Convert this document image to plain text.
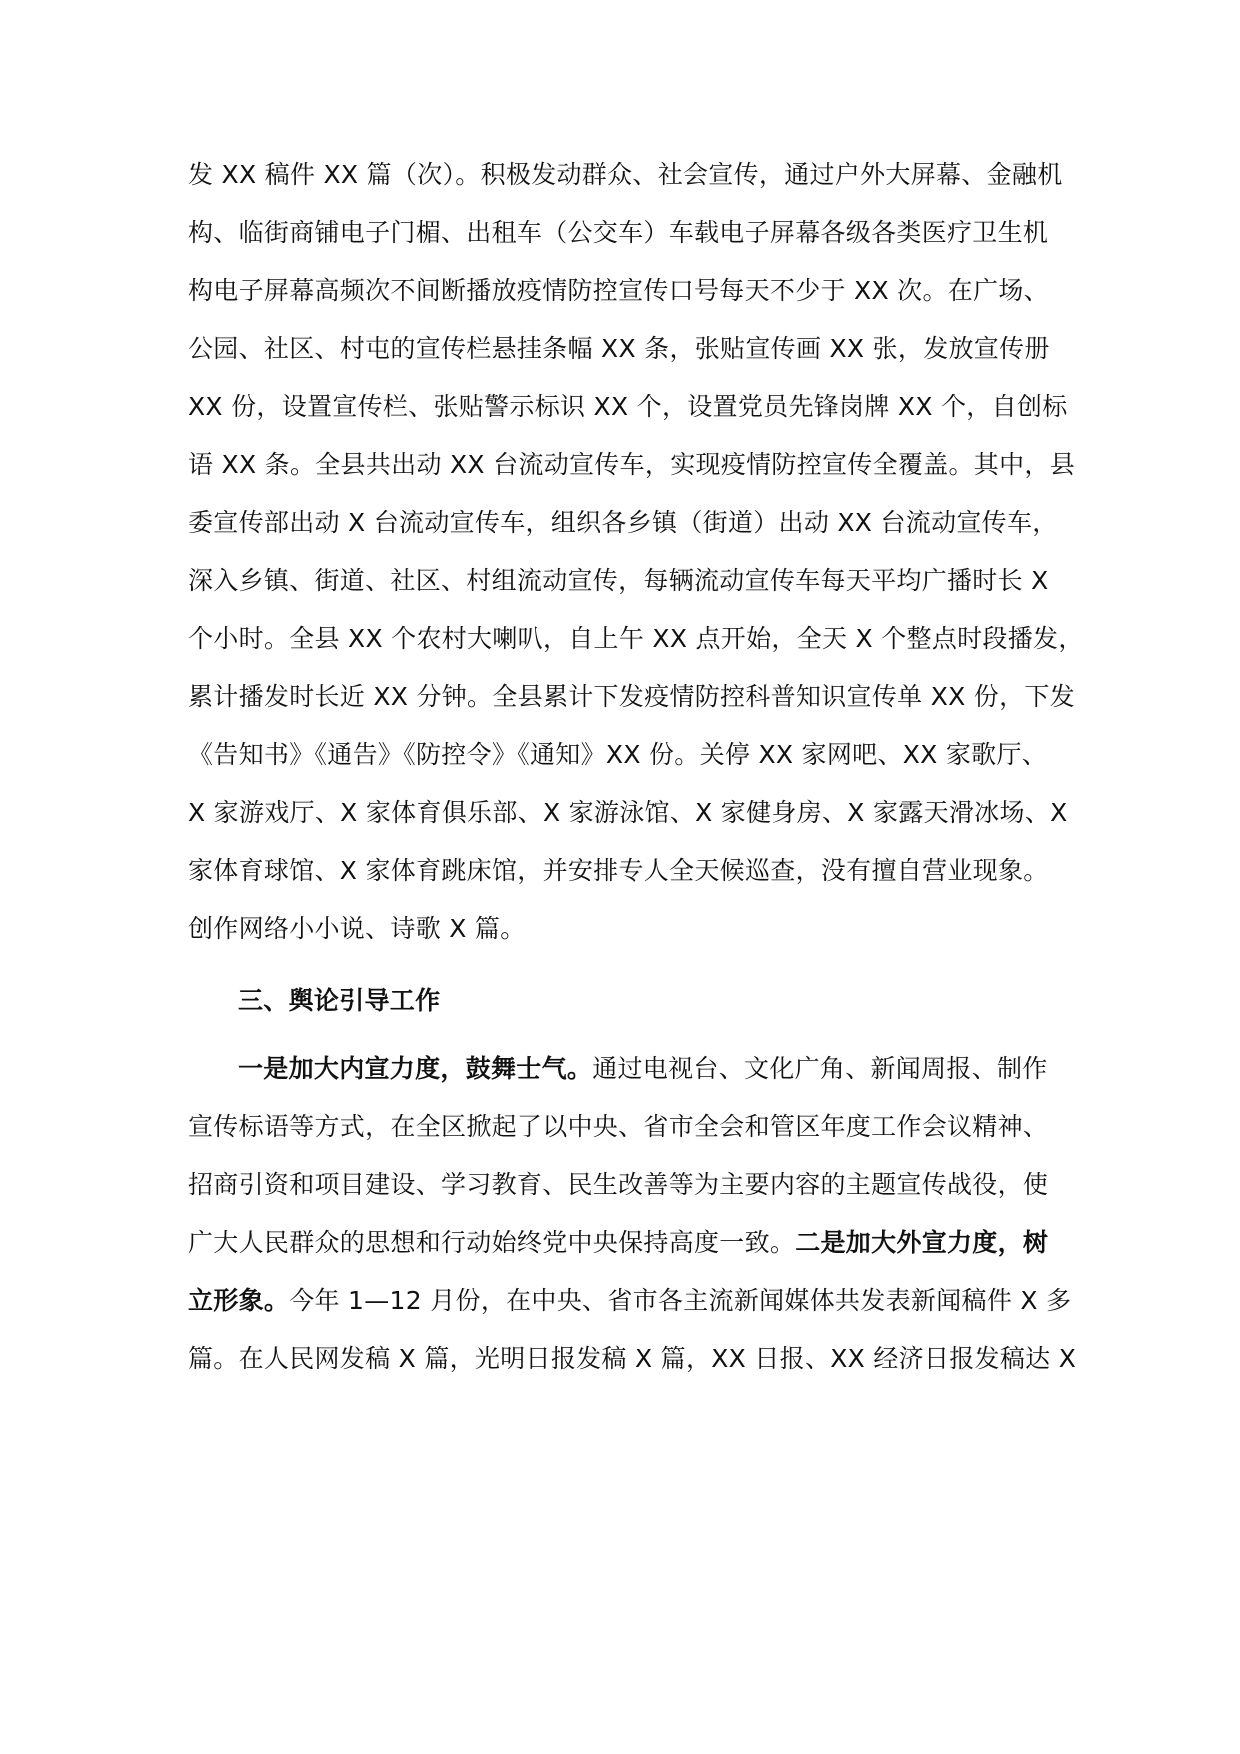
发 XX 稿件 XX 篇（次）。积极发动群众、社会宣传，通过户外大屏幕、金融机
构、临街商铺电子门楣、出租车（公交车）车载电子屏幕各级各类医疗卫生机
构电子屏幕高频次不间断播放疫情防控宣传口号每天不少于 XX 次。在广场、
公园、社区、村屯的宣传栏悬挂条幅 XX 条，张贴宣传画 XX 张，发放宣传册
XX 份，设置宣传栏、张贴警示标识 XX 个，设置党员先锋岗牌 XX 个，自创标
语 XX 条。全县共出动 XX 台流动宣传车，实现疫情防控宣传全覆盖。其中，县
委宣传部出动 X 台流动宣传车，组织各乡镇（街道）出动 XX 台流动宣传车，
深入乡镇、街道、社区、村组流动宣传，每辆流动宣传车每天平均广播时长 X
个小时。全县 XX 个农村大喇叭，自上午 XX 点开始，全天 X 个整点时段播发，
累计播发时长近 XX 分钟。全县累计下发疫情防控科普知识宣传单 XX 份，下发
《告知书》《通告》《防控令》《通知》XX 份。关停 XX 家网吧、XX 家歌厅、
X 家游戏厅、X 家体育俱乐部、X 家游泳馆、X 家健身房、X 家露天滑冰场、X
家体育球馆、X 家体育跳床馆，并安排专人全天候巡查，没有擅自营业现象。
创作网络小小说、诗歌 X 篇。
三、舆论引导工作
一是加大内宣力度，鼓舞士气。通过电视台、文化广角、新闻周报、制作
宣传标语等方式，在全区掀起了以中央、省市全会和管区年度工作会议精神、
招商引资和项目建设、学习教育、民生改善等为主要内容的主题宣传战役，使
广大人民群众的思想和行动始终党中央保持高度一致。二是加大外宣力度，树
立形象。今年 1—12 月份，在中央、省市各主流新闻媒体共发表新闻稿件 X 多
篇。在人民网发稿 X 篇，光明日报发稿 X 篇，XX 日报、XX 经济日报发稿达 X
